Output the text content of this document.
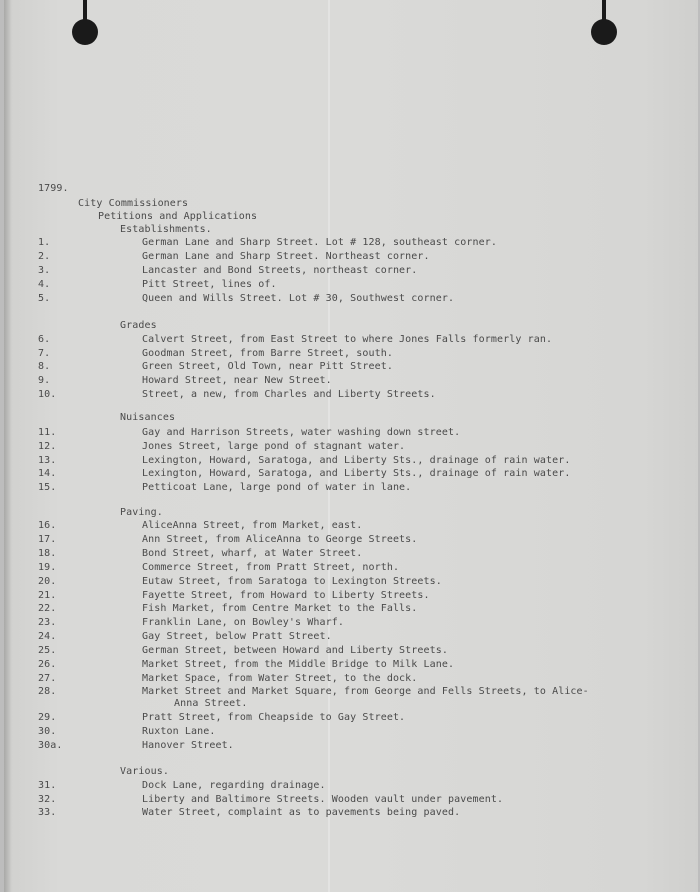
1799.
City Commissioners
Petitions and Applications
Establishments.
1.	German Lane and Sharp Street. Lot # 128, southeast corner.
2.	German Lane and Sharp Street. Northeast corner.
3.	Lancaster and Bond Streets, northeast corner.
4.	Pitt Street, lines of.
5.	Queen and Wills Street. Lot # 30, Southwest corner.
Grades
6.	Calvert Street, from East Street to where Jones Falls formerly ran.
7.	Goodman Street, from Barre Street, south.
8.	Green Street, Old Town, near Pitt Street.
9.	Howard Street, near New Street.
10.	Street, a new, from Charles and Liberty Streets.
Nuisances
11.	Gay and Harrison Streets, water washing down street.
12.	Jones Street, large pond of stagnant water.
13.	Lexington, Howard, Saratoga, and Liberty Sts., drainage of rain water.
14.	Lexington, Howard, Saratoga, and Liberty Sts., drainage of rain water.
15.	Petticoat Lane, large pond of water in lane.
Paving.
16.	AliceAnna Street, from Market, east.
17.	Ann Street, from AliceAnna to George Streets.
18.	Bond Street, wharf, at Water Street.
19.	Commerce Street, from Pratt Street, north.
20.	Eutaw Street, from Saratoga to Lexington Streets.
21.	Fayette Street, from Howard to Liberty Streets.
22.	Fish Market, from Centre Market to the Falls.
23.	Franklin Lane, on Bowley's Wharf.
24.	Gay Street, below Pratt Street.
25.	German Street, between Howard and Liberty Streets.
26.	Market Street, from the Middle Bridge to Milk Lane.
27.	Market Space, from Water Street, to the dock.
28.	Market Street and Market Square, from George and Fells Streets, to Alice-
Anna Street.
29.	Pratt Street, from Cheapside to Gay Street.
30.	Ruxton Lane.
30a.	Hanover Street.
Various.
31.	Dock Lane, regarding drainage.
32.	Liberty and Baltimore Streets. Wooden vault under pavement.
33.	Water Street, complaint as to pavements being paved.
